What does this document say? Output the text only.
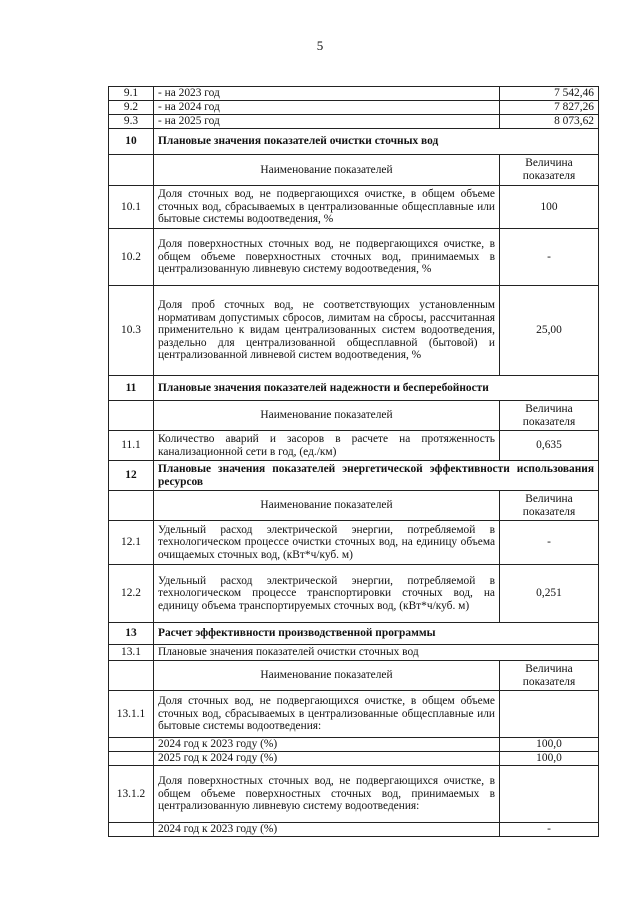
5
9.1	- на 2023 год	7 542,46
9.2	- на 2024 год	7 827,26
9.3	- на 2025 год	8 073,62
10	Плановые значения показателей очистки сточных вод	
	Наименование показателей	Величина показателя
10.1	Доля сточных вод, не подвергающихся очистке, в общем объеме сточных вод, сбрасываемых в централизованные общесплавные или бытовые системы водоотведения, %	100
10.2	Доля поверхностных сточных вод, не подвергающихся очистке, в общем объеме поверхностных сточных вод, принимаемых в централизованную ливневую систему водоотведения, %	-
10.3	Доля проб сточных вод, не соответствующих установленным нормативам допустимых сбросов, лимитам на сбросы, рассчитанная применительно к видам централизованных систем водоотведения, раздельно для централизованной общесплавной (бытовой) и централизованной ливневой систем водоотведения, %	25,00
11	Плановые значения показателей надежности и бесперебойности	
	Наименование показателей	Величина показателя
11.1	Количество аварий и засоров в расчете на протяженность канализационной сети в год, (ед./км)	0,635
12	Плановые значения показателей энергетической эффективности использования ресурсов	
	Наименование показателей	Величина показателя
12.1	Удельный расход электрической энергии, потребляемой в технологическом процессе очистки сточных вод, на единицу объема очищаемых сточных вод, (кВт*ч/куб. м)	-
12.2	Удельный расход электрической энергии, потребляемой в технологическом процессе транспортировки сточных вод, на единицу объема транспортируемых сточных вод, (кВт*ч/куб. м)	0,251
13	Расчет эффективности производственной программы	
13.1	Плановые значения показателей очистки сточных вод	
	Наименование показателей	Величина показателя
13.1.1	Доля сточных вод, не подвергающихся очистке, в общем объеме сточных вод, сбрасываемых в централизованные общесплавные или бытовые системы водоотведения:	
	2024 год к 2023 году (%)	100,0
	2025 год к 2024 году (%)	100,0
13.1.2	Доля поверхностных сточных вод, не подвергающихся очистке, в общем объеме поверхностных сточных вод, принимаемых в централизованную ливневую систему водоотведения:	
	2024 год к 2023 году (%)	-
